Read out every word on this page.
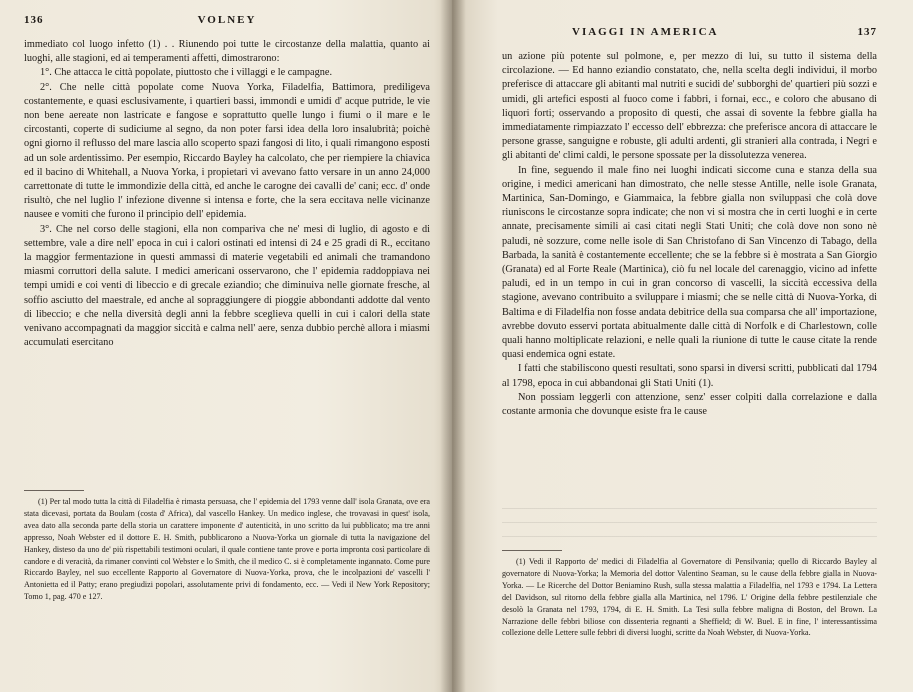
136	VOLNEY

immediato col luogo infetto (1) . . Riunendo poi tutte le circostanze della malattia, quanto ai luoghi, alle stagioni, ed ai temperamenti affetti, dimostrarono:

1°. Che attacca le città popolate, piuttosto che i villaggi e le campagne.

2°. Che nelle città popolate come Nuova Yorka, Filadelfia, Battimora, prediligeva costantemente, e quasi esclusivamente, i quartieri bassi, immondi e umidi d' acque putride, le vie non bene aereate non lastricate e fangose e soprattutto quelle lungo i fiumi o il mare e le circostanti, coperte di sudiciume al segno, da non poter farsi idea della loro insalubrità; poichè ogni giorno il reflusso del mare lascia allo scoperto spazi fangosi di lito, i quali rimangono esposti ad un sole ardentissimo. Per esempio, Riccardo Bayley ha calcolato, che per riempiere la chiavica ed il bacino di Whitehall, a Nuova Yorka, i propietari vi avevano fatto versare in un anno 24,000 carrettonate di tutte le immondizie della città, ed anche le carogne dei cavalli de' cani; ecc. d' onde risultò, che nel luglio l' infezione divenne sì intensa e forte, che la sera eccitava nelle vicinanze nausee e vomiti che furono il principio dell' epidemia.

3°. Che nel corso delle stagioni, ella non compariva che ne' mesi di luglio, di agosto e di settembre, vale a dire nell' epoca in cui i calori ostinati ed intensi di 24 e 25 gradi di R., eccitano la maggior fermentazione in questi ammassi di materie vegetabili ed animali che tramandono miasmi corruttori della salute. I medici americani osservarono, che l' epidemia raddoppiava nei tempi umidi e coi venti di libeccio e di grecale eziandio; che diminuiva nelle giornate fresche, al soffio asciutto del maestrale, ed anche al sopraggiungere di pioggie abbondanti addotte dal vento di libeccio; e che nella diversità degli anni la febbre sceglieva quelli in cui i calori della state venivano accompagnati da maggior siccità e calma nell' aere, senza dubbio perchè allora i miasmi accumulati esercitano

(1) Per tal modo tutta la città di Filadelfia è rimasta persuasa, che l' epidemia del 1793 venne dall' isola Granata, ove era stata dicevasi, portata da Boulam (costa d' Africa), dal vascello Hankey. Un medico inglese, che trovavasi in quest' isola, avea dato alla seconda parte della storia un carattere imponente d' autenticità, in uno scritto da lui pubblicato; ma tre anni appresso, Noah Webster ed il dottore E. H. Smith, pubblicarono a Nuova-Yorka un giornale di tutta la navigazione del Hankey, disteso da uno de' più rispettabili testimoni oculari, il quale contiene tante prove e porta impronta così particolare di candore e di veracità, da rimaner convinti col Webster e lo Smith, che il medico C. si è completamente ingannato. Come pure Riccardo Bayley, nel suo eccellente Rapporto al Governatore di Nuova-Yorka, prova, che le incolpazioni de' vascelli l' Antonietta ed il Patty; erano pregiudizi popolari, assolutamente privi di fondamento, ecc. — Vedi il New York Repository; Tomo 1, pag. 470 e 127.

VIAGGI IN AMERICA	137

un azione più potente sul polmone, e, per mezzo di lui, su tutto il sistema della circolazione. — Ed hanno eziandio constatato, che, nella scelta degli individui, il morbo preferisce di attaccare gli abitanti mal nutriti e sucidi de' subborghi de' quartieri più sozzi e umidi, gli artefici esposti al fuoco come i fabbri, i fornai, ecc., e coloro che abusano di liquori forti; osservando a proposito di questi, che assai di sovente la febbre gialla ha immediatamente rimpiazzato l' eccesso dell' ebbrezza: che preferisce ancora di attaccare le persone grasse, sanguigne e robuste, gli adulti ardenti, gli stranieri alla contrada, i Negri e gli abitanti de' climi caldi, le persone spossate per la dissolutezza venerea.

In fine, seguendo il male fino nei luoghi indicati siccome cuna e stanza della sua origine, i medici americani han dimostrato, che nelle stesse Antille, nelle isole Granata, Martinica, San-Domingo, e Giammaica, la febbre gialla non sviluppasi che colà dove riuniscons le circostanze sopra indicate; che non vi si mostra che in certi luoghi e in certe annate, precisamente simili ai casi citati negli Stati Uniti; che colà dove non sono nè paludi, nè sozzure, come nelle isole di San Christofano di San Vincenzo di Tabago, della Barbada, la sanità è costantemente eccellente; che se la febbre si è mostrata a San Giorgio (Granata) ed al Forte Reale (Martinica), ciò fu nel locale del carenaggio, vicino ad infette paludi, ed in un tempo in cui in gran concorso di vascelli, la siccità eccessiva della stagione, avevano contribuito a sviluppare i miasmi; che se nelle città di Nuova-Yorka, di Baltima e di Filadelfia non fosse andata debitrice della sua comparsa che all' importazione, avrebbe dovuto esservi portata abitualmente dalle città di Norfolk e di Charlestown, colle quali hanno moltiplicate relazioni, e nelle quali la riunione di tutte le cause citate la rende quasi endemica ogni estate.

I fatti che stabiliscono questi resultati, sono sparsi in diversi scritti, pubblicati dal 1794 al 1798, epoca in cui abbandonai gli Stati Uniti (1).

Non possiam leggerli con attenzione, senz' esser colpiti dalla correlazione e dalla costante armonia che dovunque esiste fra le cause

(1) Vedi il Rapporto de' medici di Filadelfia al Governatore di Pensilvania; quello di Riccardo Bayley al governatore di Nuova-Yorka; la Memoria del dottor Valentino Seaman, su le cause della febbre gialla in Nuova-Yorka. — Le Ricerche del Dottor Beniamino Rush, sulla stessa malattia a Filadelfia, nel 1793 e 1794. La Lettera del Davidson, sul ritorno della febbre gialla alla Martinica, nel 1796. L' Origine della febbre pestilenziale che desolò la Granata nel 1793, 1794, di E. H. Smith. La Tesi sulla febbre maligna di Boston, del Brown. La Narrazione delle febbri biliose con dissenteria regnanti a Sheffield; di W. Buel. E in fine, l' interessantissima collezione delle Lettere sulle febbri di diversi luoghi, scritte da Noah Webster, di Nuova-Yorka.
